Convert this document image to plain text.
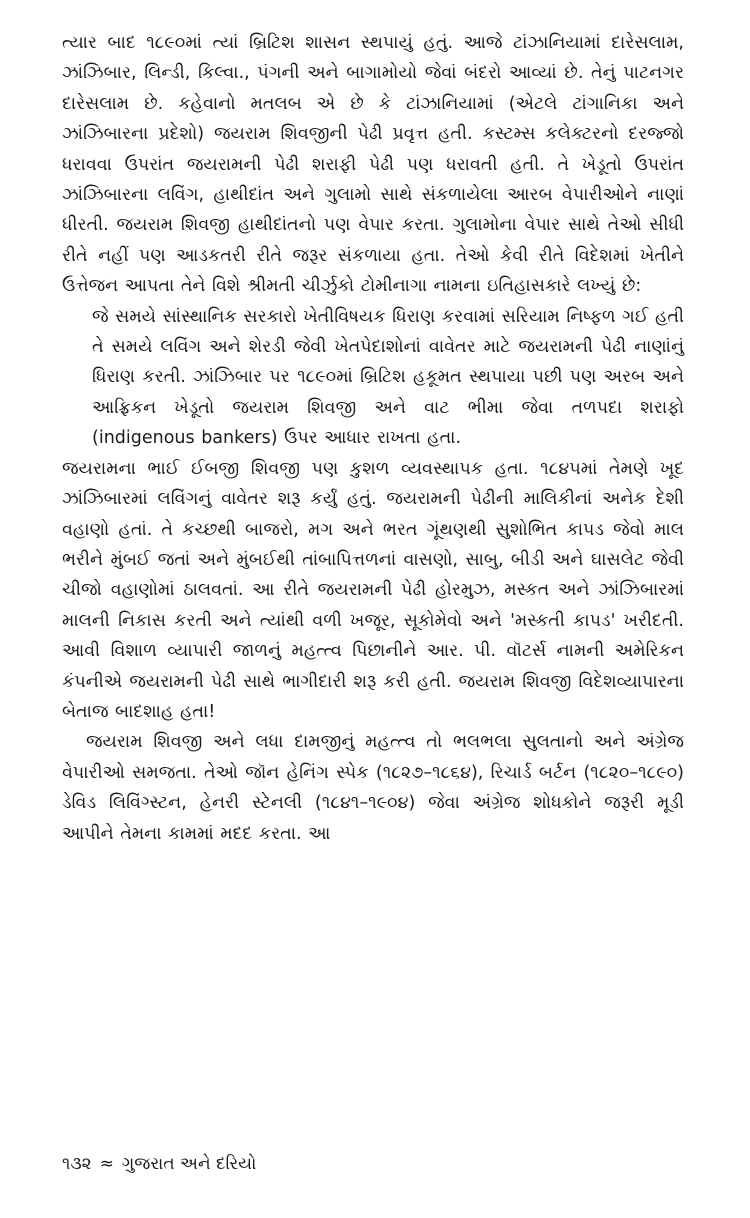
ત્યાર બાદ ૧૮૯૦માં ત્યાં બ્રિટિશ શાસન સ્થપાયું હતું. આજે ટાંઝાનિયામાં દારેસલામ, ઝાંઝિબાર, લિન્ડી, કિલ્વા., પંગની અને બાગામોયો જેવાં બંદરો આવ્યાં છે. તેનું પાટનગર દારેસલામ છે. કહેવાનો મતલબ એ છે કે ટાંઝાનિયામાં (એટલે ટાંગાનિકા અને ઝાંઝિબારના પ્રદેશો) જયરામ શિવજીની પેઢી પ્રવૃત્ત હતી. કસ્ટમ્સ કલેક્ટરનો દરજ્જો ધરાવવા ઉપરાંત જયરામની પેઢી શરાફી પેઢી પણ ધરાવતી હતી. તે ખેડૂતો ઉપરાંત ઝાંઝિબારના લવિંગ, હાથીદાંત અને ગુલામો સાથે સંકળાયેલા આરબ વેપારીઓને નાણાં ધીરતી. જયરામ શિવજી હાથીદાંતનો પણ વેપાર કરતા. ગુલામોના વેપાર સાથે તેઓ સીધી રીતે નહીં પણ આડકતરી રીતે જરૂર સંકળાયા હતા. તેઓ કેવી રીતે વિદેશમાં ખેતીને ઉત્તેજન આપતા તેને વિશે શ્રીમતી ચીર્ઝુકો ટોમીનાગા નામના ઇતિહાસકારે લખ્યું છે:

જે સમયે સાંસ્થાનિક સરકારો ખેતીવિષયક ધિરાણ કરવામાં સરિયામ નિષ્ફળ ગઈ હતી તે સમયે લવિંગ અને શેરડી જેવી ખેતપેદાશોનાં વાવેતર માટે જયરામની પેઢી નાણાંનું ધિરાણ કરતી. ઝાંઝિબાર પર ૧૮૯૦માં બ્રિટિશ હકૂમત સ્થપાયા પછી પણ અરબ અને આફ્રિકન ખેડૂતો જયરામ શિવજી અને વાટ ભીમા જેવા તળપદા શરાફો (indigenous bankers) ઉપર આધાર રાખતા હતા.

જયરામના ભાઈ ઈબજી શિવજી પણ કુશળ વ્યવસ્થાપક હતા. ૧૮૪૫માં તેમણે ખૂદ ઝાંઝિબારમાં લવિંગનું વાવેતર શરૂ કર્યું હતું. જયરામની પેઢીની માલિકીનાં અનેક દેશી વહાણો હતાં. તે કચ્છથી બાજરો, મગ અને ભરત ગૂંથણથી સુશોભિત કાપડ જેવો માલ ભરીને મુંબઈ જતાં અને મુંબઈથી તાંબાપિત્તળનાં વાસણો, સાબુ, બીડી અને ઘાસલેટ જેવી ચીજો વહાણોમાં ઠાલવતાં. આ રીતે જયરામની પેઢી હોરમુઝ, મસ્કત અને ઝાંઝિબારમાં માલની નિકાસ કરતી અને ત્યાંથી વળી ખજૂર, સૂકોમેવો અને 'મસ્કતી કાપડ' ખરીદતી. આવી વિશાળ વ્યાપારી જાળનું મહત્ત્વ પિછાનીને આર. પી. વૉટર્સ નામની અમેરિકન કંપનીએ જયરામની પેઢી સાથે ભાગીદારી શરૂ કરી હતી. જયરામ શિવજી વિદેશવ્યાપારના બેતાજ બાદશાહ હતા!

જયરામ શિવજી અને લધા દામજીનું મહત્ત્વ તો ભલભલા સુલતાનો અને અંગ્રેજ વેપારીઓ સમજતા. તેઓ જૉન હેનિંગ સ્પેક (૧૮૨૭–૧૮૬૪), રિચાર્ડ બર્ટન (૧૮૨૦–૧૮૯૦) ડેવિડ લિવિંગ્સ્ટન, હેનરી સ્ટેનલી (૧૮૪૧–૧૯૦૪) જેવા અંગ્રેજ શોધકોને જરૂરી મૂડી આપીને તેમના કામમાં મદદ કરતા. આ

૧૩૨ ≈ ગુજરાત અને દરિયો
